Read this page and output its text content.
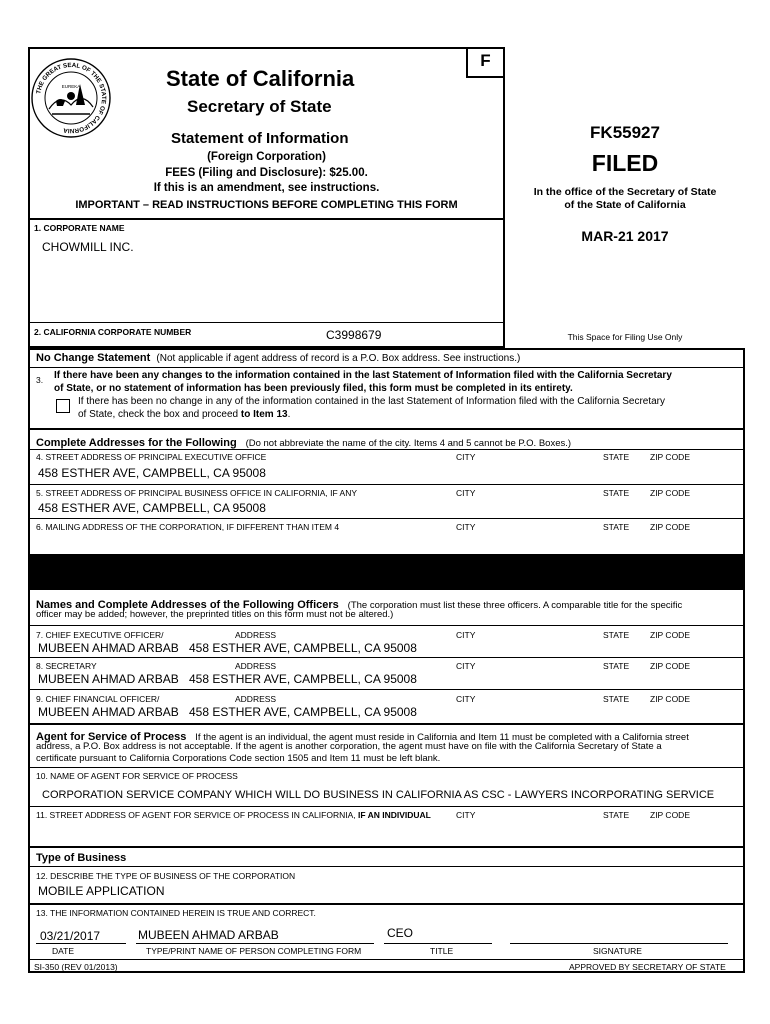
F
THE GREAT SEAL OF THE STATE OF CALIFORNIA
EUREKA	State of California
Secretary of State
Statement of Information
(Foreign Corporation)
FEES (Filing and Disclosure): $25.00.
If this is an amendment, see instructions.
IMPORTANT – READ INSTRUCTIONS BEFORE COMPLETING THIS FORM
FK55927
FILED
In the office of the Secretary of State
of the State of California
MAR-21 2017
This Space for Filing Use Only
1. CORPORATE NAME
CHOWMILL INC.
2. CALIFORNIA CORPORATE NUMBER	C3998679
No Change Statement (Not applicable if agent address of record is a P.O. Box address. See instructions.)
3. If there have been any changes to the information contained in the last Statement of Information filed with the California Secretary
of State, or no statement of information has been previously filed, this form must be completed in its entirety.
If there has been no change in any of the information contained in the last Statement of Information filed with the California Secretary
of State, check the box and proceed to Item 13.
Complete Addresses for the Following (Do not abbreviate the name of the city. Items 4 and 5 cannot be P.O. Boxes.)
4. STREET ADDRESS OF PRINCIPAL EXECUTIVE OFFICE	CITY	STATE ZIP CODE
458 ESTHER AVE, CAMPBELL, CA 95008
5. STREET ADDRESS OF PRINCIPAL BUSINESS OFFICE IN CALIFORNIA, IF ANY	CITY	STATE ZIP CODE
458 ESTHER AVE, CAMPBELL, CA 95008
6. MAILING ADDRESS OF THE CORPORATION, IF DIFFERENT THAN ITEM 4	CITY	STATE ZIP CODE
Names and Complete Addresses of the Following Officers (The corporation must list these three officers. A comparable title for the specific
officer may be added; however, the preprinted titles on this form must not be altered.)
7. CHIEF EXECUTIVE OFFICER/	ADDRESS	CITY	STATE ZIP CODE
MUBEEN AHMAD ARBAB 458 ESTHER AVE, CAMPBELL, CA 95008
8. SECRETARY	ADDRESS	CITY	STATE ZIP CODE
MUBEEN AHMAD ARBAB 458 ESTHER AVE, CAMPBELL, CA 95008
9. CHIEF FINANCIAL OFFICER/	ADDRESS	CITY	STATE ZIP CODE
MUBEEN AHMAD ARBAB 458 ESTHER AVE, CAMPBELL, CA 95008
Agent for Service of Process If the agent is an individual, the agent must reside in California and Item 11 must be completed with a California street
address, a P.O. Box address is not acceptable. If the agent is another corporation, the agent must have on file with the California Secretary of State a
certificate pursuant to California Corporations Code section 1505 and Item 11 must be left blank.
10. NAME OF AGENT FOR SERVICE OF PROCESS
CORPORATION SERVICE COMPANY WHICH WILL DO BUSINESS IN CALIFORNIA AS CSC - LAWYERS INCORPORATING SERVICE
11. STREET ADDRESS OF AGENT FOR SERVICE OF PROCESS IN CALIFORNIA, IF AN INDIVIDUAL	CITY	STATE ZIP CODE
Type of Business
12. DESCRIBE THE TYPE OF BUSINESS OF THE CORPORATION
MOBILE APPLICATION
13. THE INFORMATION CONTAINED HEREIN IS TRUE AND CORRECT.
03/21/2017	MUBEEN AHMAD ARBAB	CEO
DATE	TYPE/PRINT NAME OF PERSON COMPLETING FORM	TITLE	SIGNATURE
SI-350 (REV 01/2013)	APPROVED BY SECRETARY OF STATE
